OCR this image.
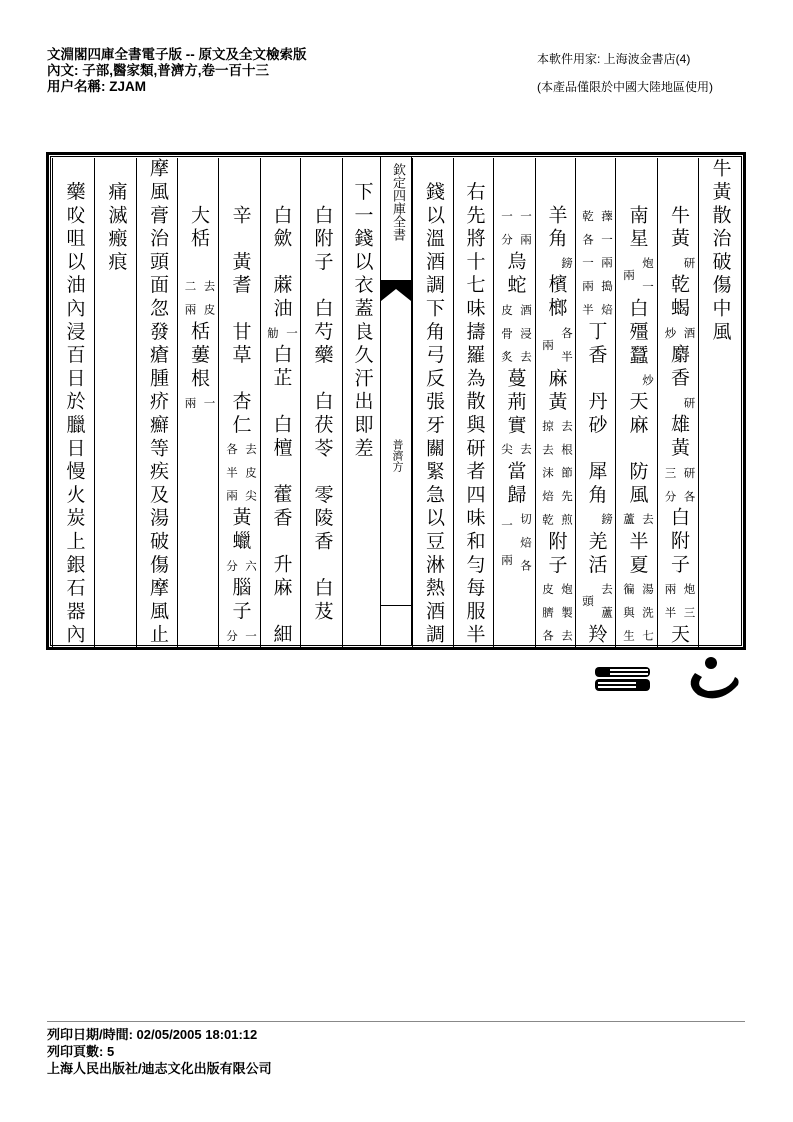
文淵閣四庫全書電子版 -- 原文及全文檢索版
內文: 子部,醫家類,普濟方,卷一百十三
用户名稱: ZJAM
本軟件用家: 上海波金書店(4)
(本產品僅限於中國大陸地區使用)
牛黃散治破傷中風
　　牛黃
研
乾蝎
酒
炒
麝香
研
雄黃
研各
三分
白附子
炮三
兩半
天
　　南星
炮一
兩
白殭蠶
炒
天麻　防風
去
蘆
半夏
湯洗七
徧與生

蘀一兩搗焙
乾各一兩半
丁香　丹砂　犀角
鎊
羌活
去蘆
頭
羚
　　羊角
鎊
檳榔
各半
兩
麻黃
去根節先煎
掠去沫焙乾
附子
炮製去
皮臍各

一兩
一分
烏蛇
酒浸去
皮骨炙
蔓荊實
去
尖
當歸
切焙各
一兩
　右先將十七味擣羅為散與研者四味和勻每服半
　錢以溫酒調下角弓反張牙關緊急以豆淋熱酒調
　下一錢以衣蓋良久汗出即差
　　白附子　白芍藥　白茯苓　零陵香　白芨
　　白歛　蔴油
一
觔
白芷　白檀　藿香　升麻　細
　　辛　黃耆　甘草　杏仁
去皮尖
各半兩
黃蠟
六
分
腦子
一
分
　　大栝　
去皮
二兩
栝蔞根
一
兩
摩風膏治頭面忽發瘡腫疥癬等疾及湯破傷摩風止
　痛滅瘢痕
　藥㕮咀以油內浸百日於臘日慢火炭上銀石器內	欽定四庫全書
普濟方
列印日期/時間: 02/05/2005 18:01:12
列印頁數: 5
上海人民出版社/迪志文化出版有限公司
